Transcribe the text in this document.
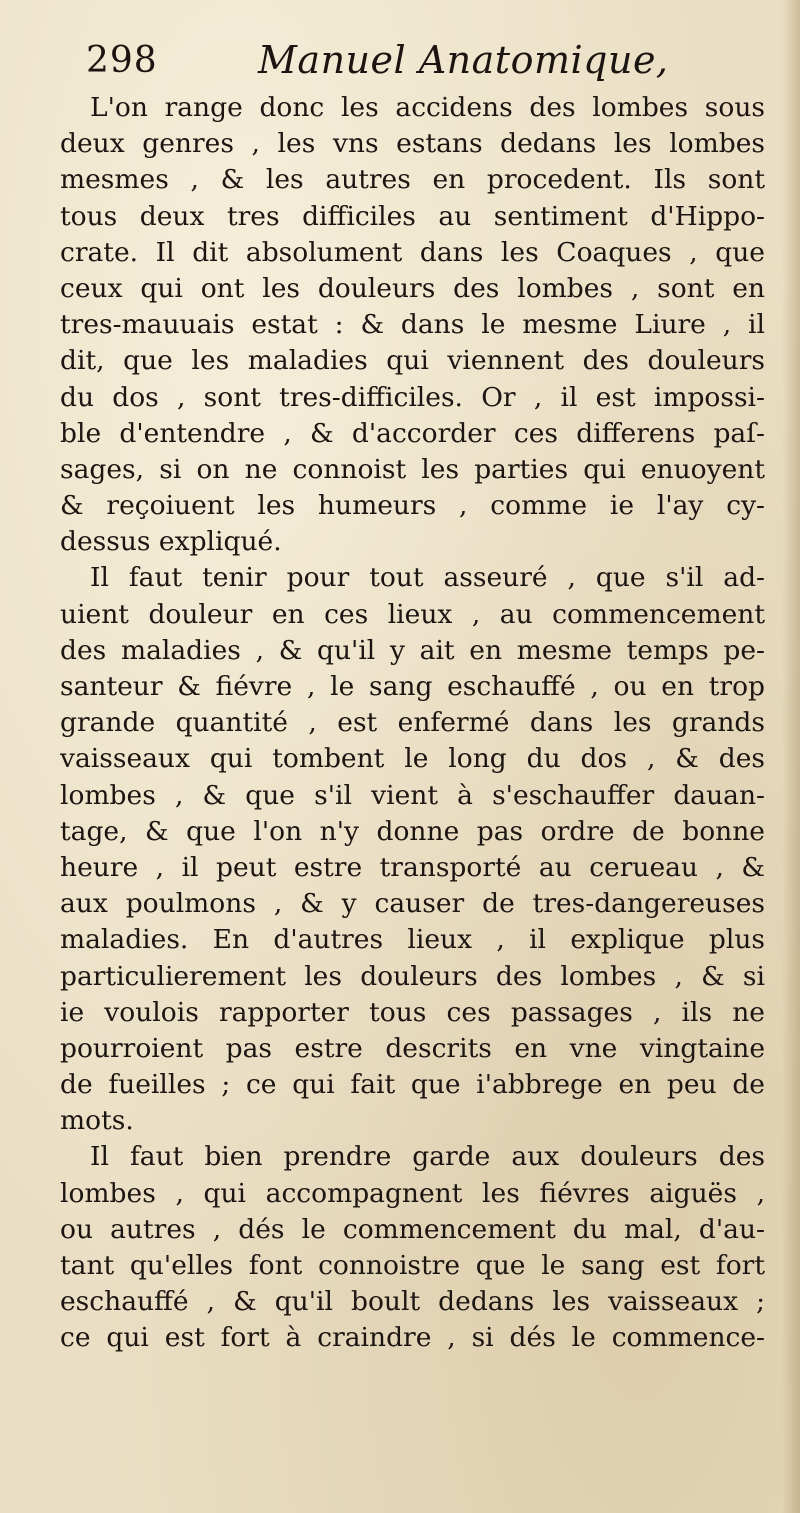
298	Manuel Anatomique,
L'on range donc les accidens des lombes sous
deux genres , les vns estans dedans les lombes
mesmes , & les autres en procedent. Ils sont
tous deux tres difficiles au sentiment d'Hippo-
crate. Il dit absolument dans les Coaques , que
ceux qui ont les douleurs des lombes , sont en
tres-mauuais estat : & dans le mesme Liure , il
dit, que les maladies qui viennent des douleurs
du dos , sont tres-difficiles. Or , il est impossi-
ble d'entendre , & d'accorder ces differens paſ-
sages, si on ne connoist les parties qui enuoyent
& reçoiuent les humeurs , comme ie l'ay cy-
dessus expliqué.
Il faut tenir pour tout asseuré , que s'il ad-
uient douleur en ces lieux , au commencement
des maladies , & qu'il y ait en mesme temps pe-
santeur & fiévre , le sang eschauffé , ou en trop
grande quantité , est enfermé dans les grands
vaisseaux qui tombent le long du dos , & des
lombes , & que s'il vient à s'eschauffer dauan-
tage, & que l'on n'y donne pas ordre de bonne
heure , il peut estre transporté au cerueau , &
aux poulmons , & y causer de tres-dangereuses
maladies. En d'autres lieux , il explique plus
particulierement les douleurs des lombes , & si
ie voulois rapporter tous ces passages , ils ne
pourroient pas estre descrits en vne vingtaine
de fueilles ; ce qui fait que i'abbrege en peu de
mots.
Il faut bien prendre garde aux douleurs des
lombes , qui accompagnent les fiévres aiguës ,
ou autres , dés le commencement du mal, d'au-
tant qu'elles font connoistre que le sang est fort
eschauffé , & qu'il boult dedans les vaisseaux ;
ce qui est fort à craindre , si dés le commence-
